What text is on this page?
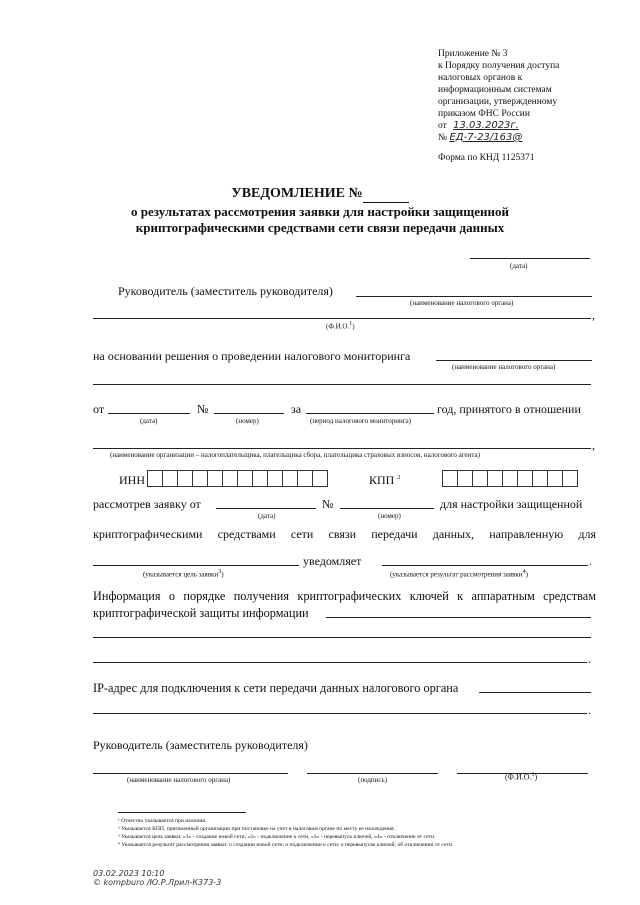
Приложение № 3
к Порядку получения доступа
налоговых органов к
информационным системам
организации, утвержденному
приказом ФНС России
от 13.03.2023г.
№ ЕД-7-23/163@
Форма по КНД 1125371
УВЕДОМЛЕНИЕ №
о результатах рассмотрения заявки для настройки защищенной
криптографическими средствами сети связи передачи данных
(дата)
Руководитель (заместитель руководителя)
(наименование налогового органа)
,
(Ф.И.О.$^1$)
на основании решения о проведении налогового мониторинга
(наименование налогового органа)
от
(дата)
№
(номер)
за
(период налогового мониторинга)
год, принятого в отношении
,
(наименование организации – налогоплательщика, плательщика сбора, плательщика страховых взносов, налогового агента)
ИНН	КПП $^2$
рассмотрев заявку от
(дата)
№
(номер)
для настройки защищенной
криптографическими средствами сети связи передачи данных, направленную для
(указывается цель заявки$^3$)
уведомляет	.
(указывается результат рассмотрения заявки$^4$)
Информация о порядке получения криптографических ключей к аппаратным средствам
криптографической защиты информации
.
IP-адрес для подключения к сети передачи данных налогового органа
.
Руководитель (заместитель руководителя)
(наименование налогового органа)	(подпись)	(Ф.И.О.$^1$)
¹ Отчество указывается при наличии.
² Указывается КПП, присвоенный организации при постановке на учет в налоговом органе по месту ее нахождения.
³ Указывается цель заявки: «1» - создание новой сети, «2» - подключение к сети, «3» - перевыпуск ключей, «4» - отключение от сети.
⁴ Указывается результат рассмотрения заявки: о создании новой сети; о подключении к сети; о перевыпуске ключей; об отключении от сети.
03.02.2023 10:10
© kompburo /Ю.Р.Лрил-К373-3
